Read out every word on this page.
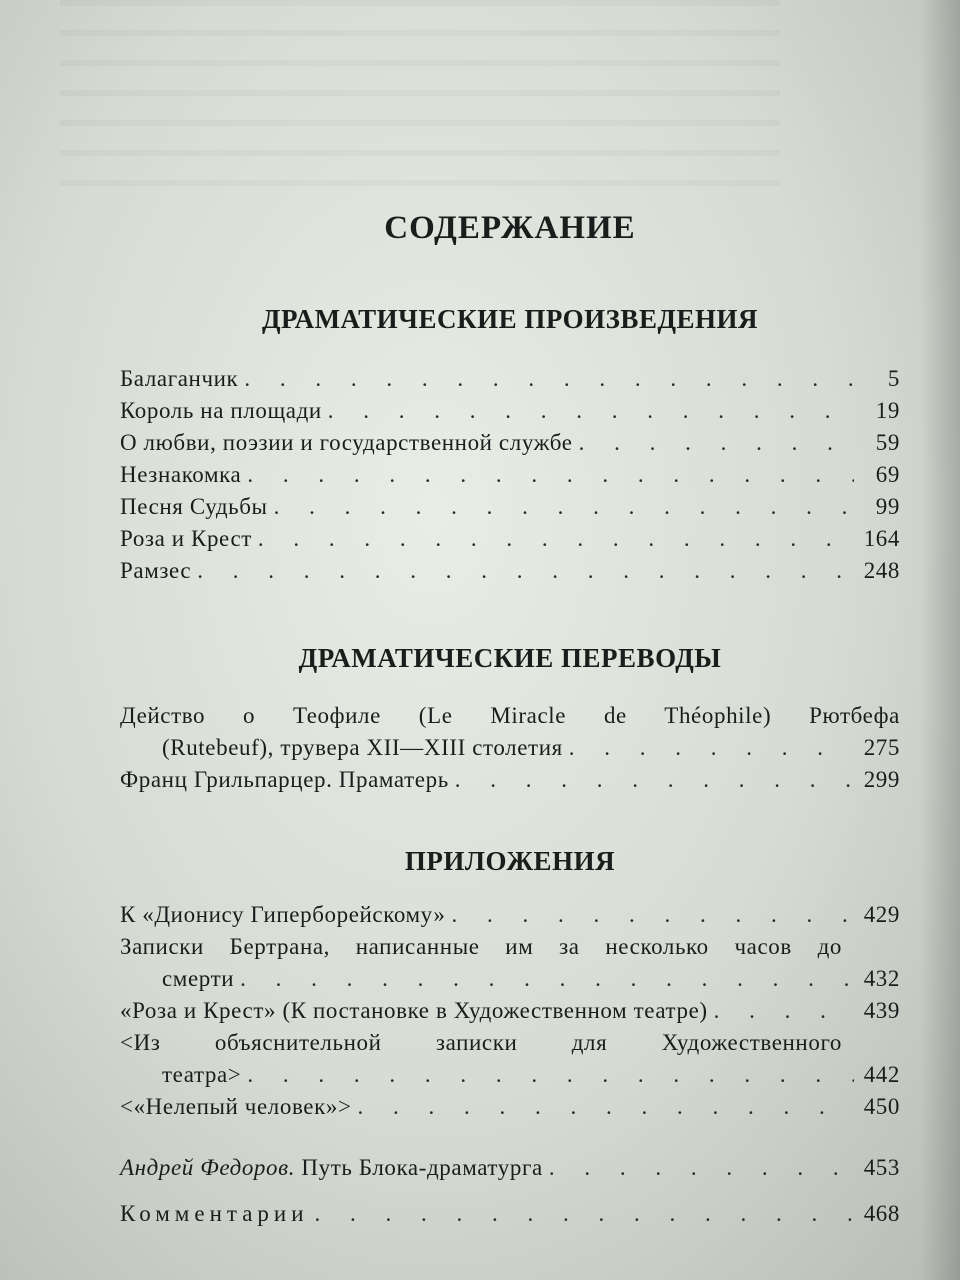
СОДЕРЖАНИЕ
ДРАМАТИЧЕСКИЕ ПРОИЗВЕДЕНИЯ
Балаганчик . . .	5
Король на площади . . .	19
О любви, поэзии и государственной службе . . .	59
Незнакомка . . .	69
Песня Судьбы . . .	99
Роза и Крест . . .	164
Рамзес . . .	248
ДРАМАТИЧЕСКИЕ ПЕРЕВОДЫ
Действо о Теофиле (Le Miracle de Théophile) Рютбефа
(Rutebeuf), трувера XII—XIII столетия . . .	275
Франц Грильпарцер. Праматерь . . .	299
ПРИЛОЖЕНИЯ
К «Дионису Гиперборейскому» . . .	429
Записки Бертрана, написанные им за несколько часов до
смерти . . .	432
«Роза и Крест» (К постановке в Художественном театре) . . .	439
<Из объяснительной записки для Художественного
театра> . . .	442
<«Нелепый человек»> . . .	450
Андрей Федоров. Путь Блока-драматурга . . .	453
Комментарии . . .	468
